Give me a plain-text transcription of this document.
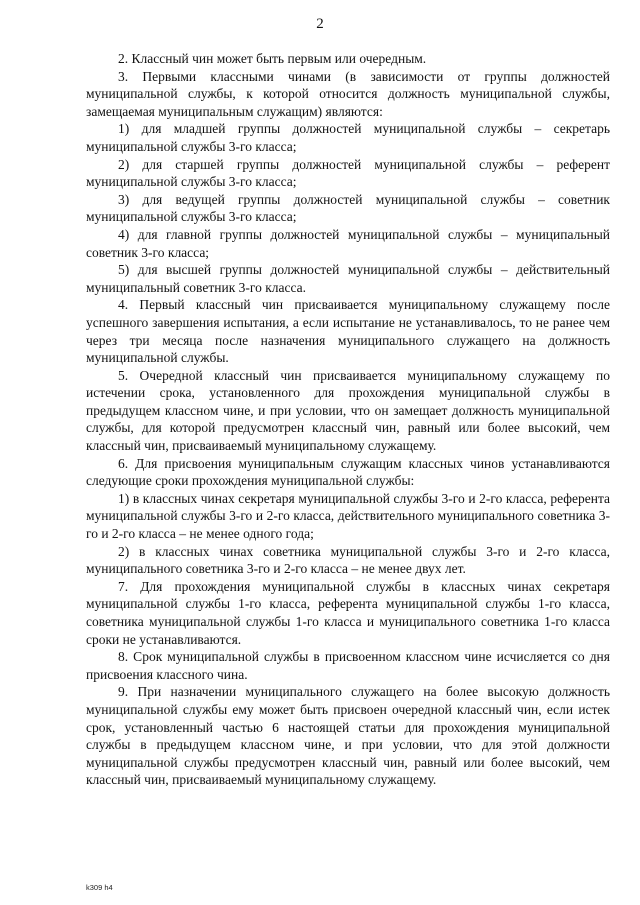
2

2. Классный чин может быть первым или очередным.

3. Первыми классными чинами (в зависимости от группы должностей муниципальной службы, к которой относится должность муниципальной службы, замещаемая муниципальным служащим) являются:

1) для младшей группы должностей муниципальной службы – секретарь муниципальной службы 3-го класса;

2) для старшей группы должностей муниципальной службы – референт муниципальной службы 3-го класса;

3) для ведущей группы должностей муниципальной службы – советник муниципальной службы 3-го класса;

4) для главной группы должностей муниципальной службы – муниципальный советник 3-го класса;

5) для высшей группы должностей муниципальной службы – действительный муниципальный советник 3-го класса.

4. Первый классный чин присваивается муниципальному служащему после успешного завершения испытания, а если испытание не устанавливалось, то не ранее чем через три месяца после назначения муниципального служащего на должность муниципальной службы.

5. Очередной классный чин присваивается муниципальному служащему по истечении срока, установленного для прохождения муниципальной службы в предыдущем классном чине, и при условии, что он замещает должность муниципальной службы, для которой предусмотрен классный чин, равный или более высокий, чем классный чин, присваиваемый муниципальному служащему.

6. Для присвоения муниципальным служащим классных чинов устанавливаются следующие сроки прохождения муниципальной службы:

1) в классных чинах секретаря муниципальной службы 3-го и 2-го класса, референта муниципальной службы 3-го и 2-го класса, действительного муниципального советника 3-го и 2-го класса – не менее одного года;

2) в классных чинах советника муниципальной службы 3-го и 2-го класса, муниципального советника 3-го и 2-го класса – не менее двух лет.

7. Для прохождения муниципальной службы в классных чинах секретаря муниципальной службы 1-го класса, референта муниципальной службы 1-го класса, советника муниципальной службы 1-го класса и муниципального советника 1-го класса сроки не устанавливаются.

8. Срок муниципальной службы в присвоенном классном чине исчисляется со дня присвоения классного чина.

9. При назначении муниципального служащего на более высокую должность муниципальной службы ему может быть присвоен очередной классный чин, если истек срок, установленный частью 6 настоящей статьи для прохождения муниципальной службы в предыдущем классном чине, и при условии, что для этой должности муниципальной службы предусмотрен классный чин, равный или более высокий, чем классный чин, присваиваемый муниципальному служащему.

k309 h4
